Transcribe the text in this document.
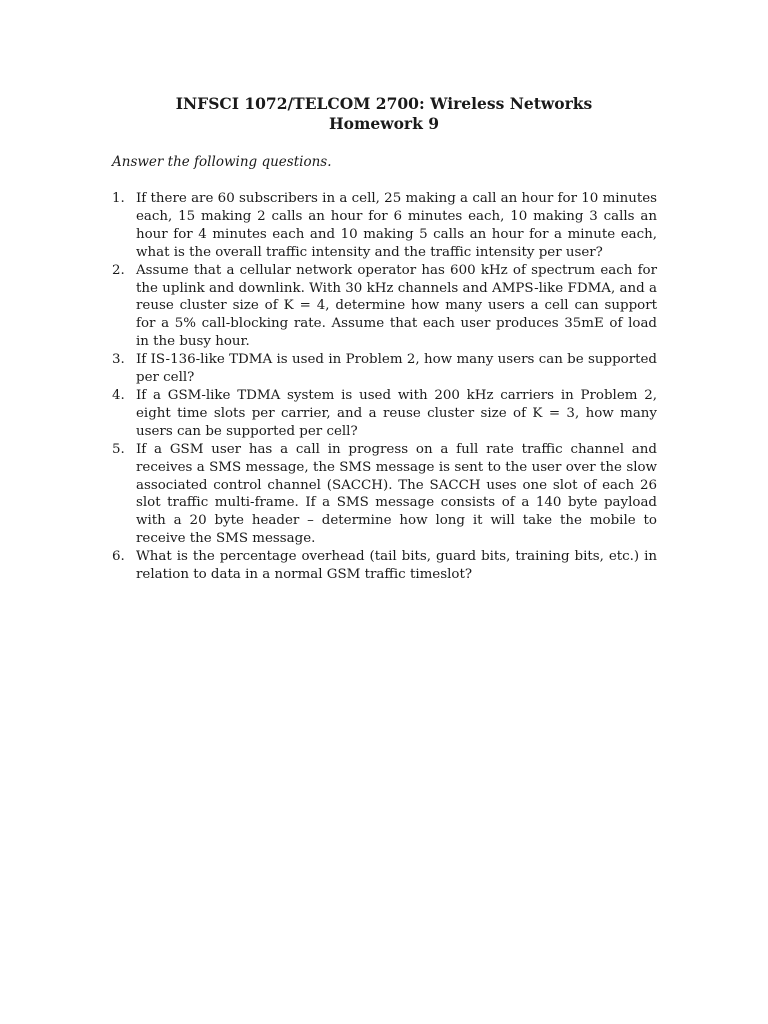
INFSCI 1072/TELCOM 2700: Wireless Networks
Homework 9
Answer the following questions.
1. If there are 60 subscribers in a cell, 25 making a call an hour for 10 minutes each, 15 making 2 calls an hour for 6 minutes each, 10 making 3 calls an hour for 4 minutes each and 10 making 5 calls an hour for a minute each, what is the overall traffic intensity and the traffic intensity per user?
2. Assume that a cellular network operator has 600 kHz of spectrum each for the uplink and downlink. With 30 kHz channels and AMPS-like FDMA, and a reuse cluster size of K = 4, determine how many users a cell can support for a 5% call-blocking rate. Assume that each user produces 35mE of load in the busy hour.
3. If IS-136-like TDMA is used in Problem 2, how many users can be supported per cell?
4. If a GSM-like TDMA system is used with 200 kHz carriers in Problem 2, eight time slots per carrier, and a reuse cluster size of K = 3, how many users can be supported per cell?
5. If a GSM user has a call in progress on a full rate traffic channel and receives a SMS message, the SMS message is sent to the user over the slow associated control channel (SACCH). The SACCH uses one slot of each 26 slot traffic multi-frame. If a SMS message consists of a 140 byte payload with a 20 byte header – determine how long it will take the mobile to receive the SMS message.
6. What is the percentage overhead (tail bits, guard bits, training bits, etc.) in relation to data in a normal GSM traffic timeslot?
